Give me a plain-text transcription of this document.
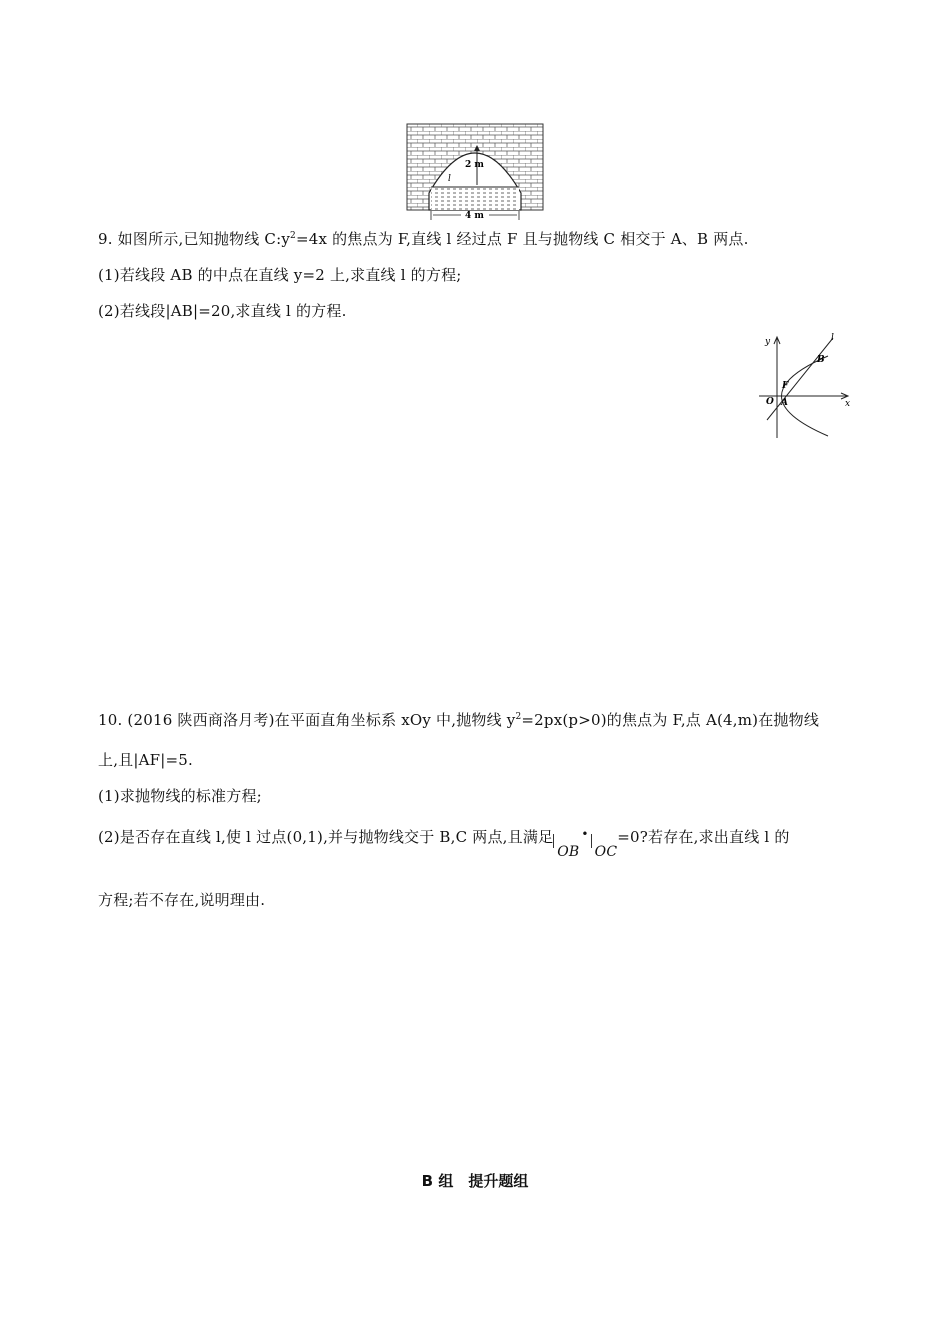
2 m
l
4 m
9. 如图所示,已知抛物线 $C:y^2=4x$ 的焦点为 F,直线 l 经过点 F 且与抛物线 C 相交于 A、B 两点.
(1)若线段 AB 的中点在直线 y=2 上,求直线 l 的方程;
(2)若线段|AB|=20,求直线 l 的方程.
y
x
l
B
F
O A
10. (2016 陕西商洛月考)在平面直角坐标系 xOy 中,抛物线 $y^2=2px(p>0)$的焦点为 F,点 A(4,m)在抛物线
上,且|AF|=5.
(1)求抛物线的标准方程;
(2)是否存在直线 l,使 l 过点(0,1),并与抛物线交于 B,C 两点,且满足
OB•
OC=0?若存在,求出直线 l 的
方程;若不存在,说明理由.
B 组　提升题组
